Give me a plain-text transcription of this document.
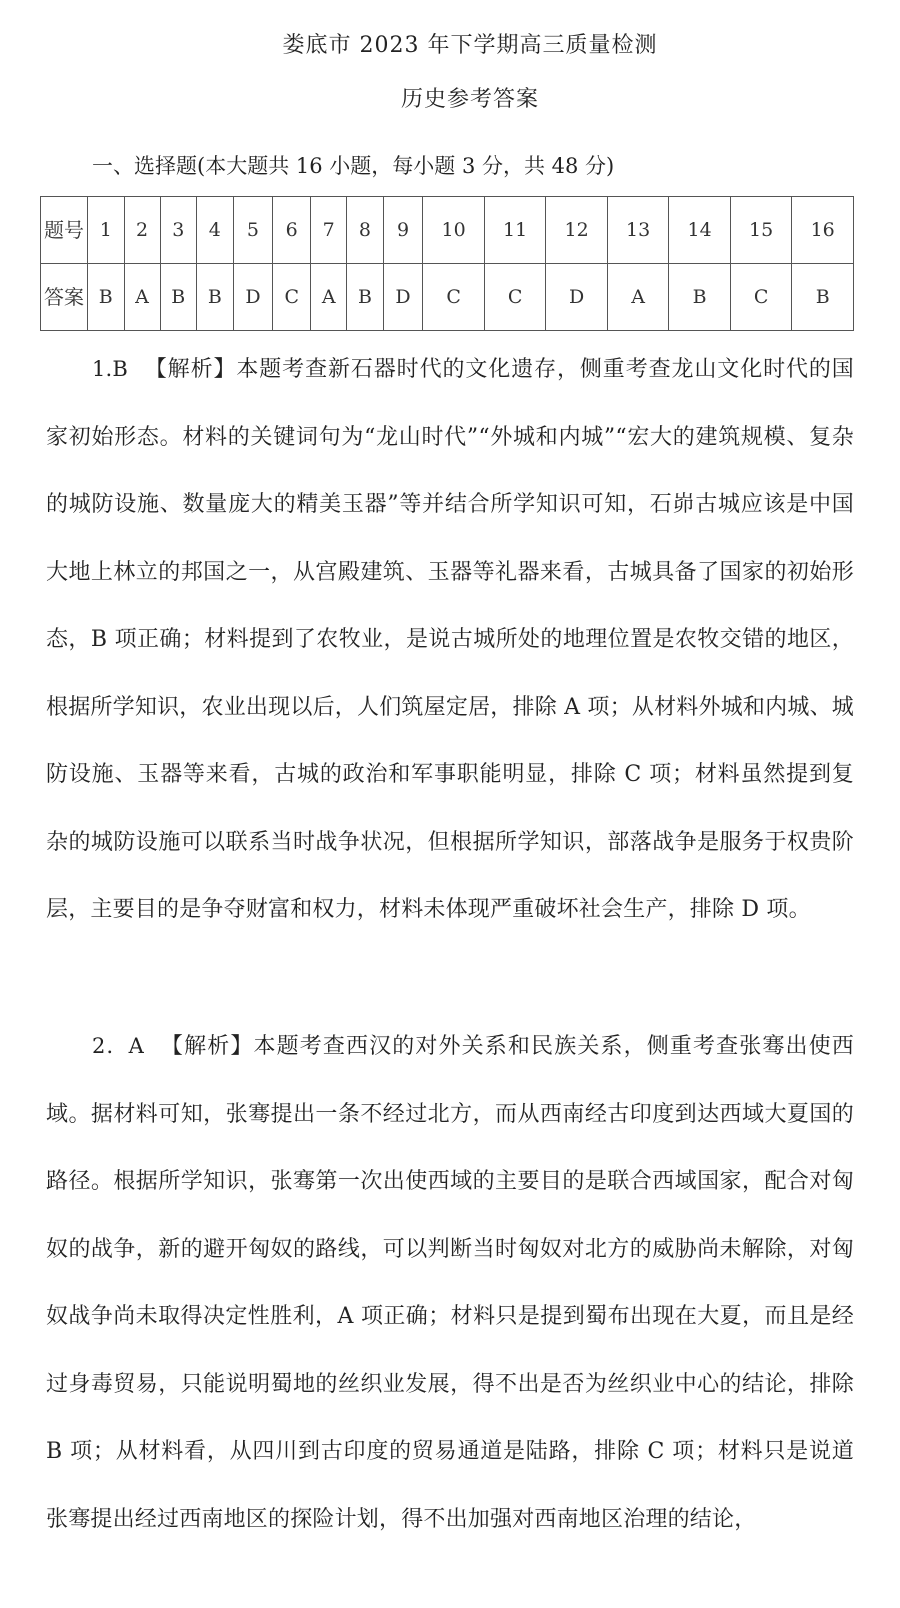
娄底市 2023 年下学期高三质量检测
历史参考答案
一、选择题(本大题共 16 小题，每小题 3 分，共 48 分)
题号	1	2	3	4	5	6	7	8	9	10	11	12	13	14	15	16
答案	B	A	B	B	D	C	A	B	D	C	C	D	A	B	C	B
1.B 【解析】本题考查新石器时代的文化遗存，侧重考查龙山文化时代的国家初始形态。材料的关键词句为“龙山时代”“外城和内城”“宏大的建筑规模、复杂的城防设施、数量庞大的精美玉器”等并结合所学知识可知，石峁古城应该是中国大地上林立的邦国之一，从宫殿建筑、玉器等礼器来看，古城具备了国家的初始形态，B 项正确；材料提到了农牧业，是说古城所处的地理位置是农牧交错的地区，根据所学知识，农业出现以后，人们筑屋定居，排除 A 项；从材料外城和内城、城防设施、玉器等来看，古城的政治和军事职能明显，排除 C 项；材料虽然提到复杂的城防设施可以联系当时战争状况，但根据所学知识，部落战争是服务于权贵阶层，主要目的是争夺财富和权力，材料未体现严重破坏社会生产，排除 D 项。
2．A 【解析】本题考查西汉的对外关系和民族关系，侧重考查张骞出使西域。据材料可知，张骞提出一条不经过北方，而从西南经古印度到达西域大夏国的路径。根据所学知识，张骞第一次出使西域的主要目的是联合西域国家，配合对匈奴的战争，新的避开匈奴的路线，可以判断当时匈奴对北方的威胁尚未解除，对匈奴战争尚未取得决定性胜利，A 项正确；材料只是提到蜀布出现在大夏，而且是经过身毒贸易，只能说明蜀地的丝织业发展，得不出是否为丝织业中心的结论，排除 B 项；从材料看，从四川到古印度的贸易通道是陆路，排除 C 项；材料只是说道张骞提出经过西南地区的探险计划，得不出加强对西南地区治理的结论，
